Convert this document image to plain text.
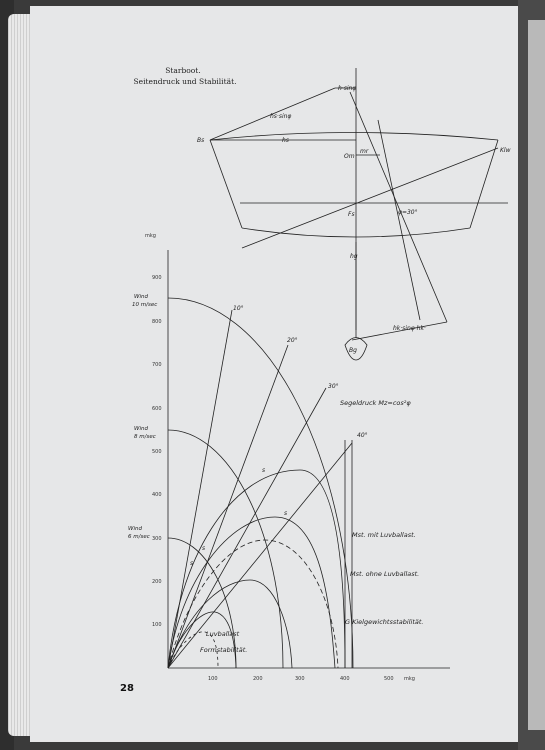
Starboot.
Seitendruck und Stabilität.
Bs
hs·sinφ
hs
h·sinφ
Om
mr
Fs	φ=30°
hg
Bg
Klw
hk·sinφ·hk·
mkg
100
200
300
400
500
600
700
800
900
100	200	300	400	500 mkg
Wind
10 m/sec
Wind
8 m/sec
Wind
6 m/sec
10°
20°
30°
40°
s
s
s
s
Segeldruck Mz=cos²φ
Mst. mit Luvballast.
Mst. ohne Luvballast.
G Kielgewichtsstabilität.
Luvballast
Formstabilität.
28
